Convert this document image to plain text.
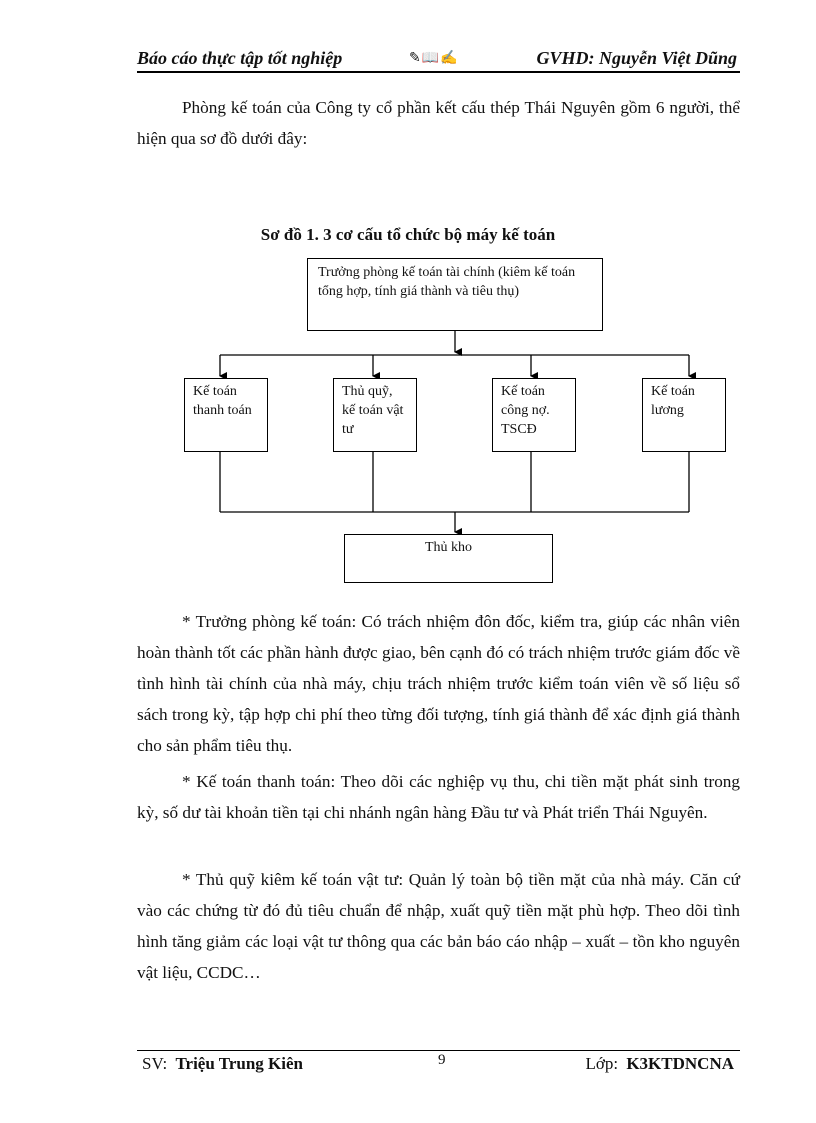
Báo cáo thực tập tốt nghiệp	✎📖✍	GVHD: Nguyễn Việt Dũng

Phòng kế toán của Công ty cổ phần kết cấu thép Thái Nguyên gồm 6 người, thể hiện qua sơ đồ dưới đây:

Sơ đồ 1. 3 cơ cấu tổ chức bộ máy kế toán
Trưởng phòng kế toán tài chính (kiêm kế toán tổng hợp, tính giá thành và tiêu thụ)
Kế toán thanh toán
Thủ quỹ, kế toán vật tư
Kế toán công nợ. TSCĐ
Kế toán lương
Thủ kho

* Trưởng phòng kế toán: Có trách nhiệm đôn đốc, kiểm tra, giúp các nhân viên hoàn thành tốt các phần hành được giao, bên cạnh đó có trách nhiệm trước giám đốc về tình hình tài chính của nhà máy, chịu trách nhiệm trước kiểm toán viên về số liệu sổ sách trong kỳ, tập hợp chi phí theo từng đối tượng, tính giá thành để xác định giá thành cho sản phẩm tiêu thụ.

* Kế toán thanh toán: Theo dõi các nghiệp vụ thu, chi tiền mặt phát sinh trong kỳ, số dư tài khoản tiền tại chi nhánh ngân hàng Đầu tư và Phát triển Thái Nguyên.

* Thủ quỹ kiêm kế toán vật tư: Quản lý toàn bộ tiền mặt của nhà máy. Căn cứ vào các chứng từ đó đủ tiêu chuẩn để nhập, xuất quỹ tiền mặt phù hợp. Theo dõi tình hình tăng giảm các loại vật tư thông qua các bản báo cáo nhập – xuất – tồn kho nguyên vật liệu, CCDC…

SV: Triệu Trung Kiên	9	Lớp: K3KTDNCNA
